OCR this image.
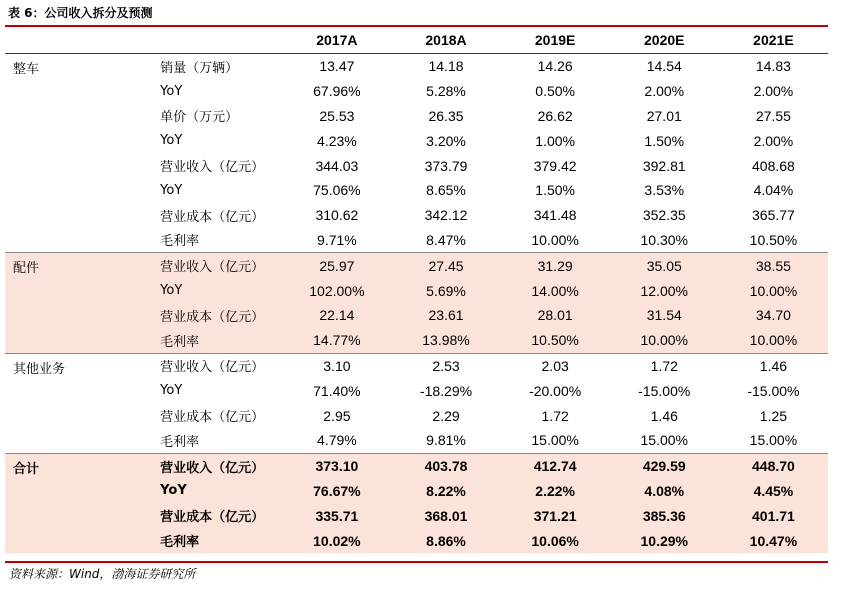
表 6：公司收入拆分及预测
		2017A	2018A	2019E	2020E	2021E
整车	销量（万辆）	13.47	14.18	14.26	14.54	14.83
	YoY	67.96%	5.28%	0.50%	2.00%	2.00%
	单价（万元）	25.53	26.35	26.62	27.01	27.55
	YoY	4.23%	3.20%	1.00%	1.50%	2.00%
	营业收入（亿元）	344.03	373.79	379.42	392.81	408.68
	YoY	75.06%	8.65%	1.50%	3.53%	4.04%
	营业成本（亿元）	310.62	342.12	341.48	352.35	365.77
	毛利率	9.71%	8.47%	10.00%	10.30%	10.50%
配件	营业收入（亿元）	25.97	27.45	31.29	35.05	38.55
	YoY	102.00%	5.69%	14.00%	12.00%	10.00%
	营业成本（亿元）	22.14	23.61	28.01	31.54	34.70
	毛利率	14.77%	13.98%	10.50%	10.00%	10.00%
其他业务	营业收入（亿元）	3.10	2.53	2.03	1.72	1.46
	YoY	71.40%	-18.29%	-20.00%	-15.00%	-15.00%
	营业成本（亿元）	2.95	2.29	1.72	1.46	1.25
	毛利率	4.79%	9.81%	15.00%	15.00%	15.00%
合计	营业收入（亿元）	373.10	403.78	412.74	429.59	448.70
	YoY	76.67%	8.22%	2.22%	4.08%	4.45%
	营业成本（亿元）	335.71	368.01	371.21	385.36	401.71
	毛利率	10.02%	8.86%	10.06%	10.29%	10.47%
资料来源：Wind，渤海证券研究所
